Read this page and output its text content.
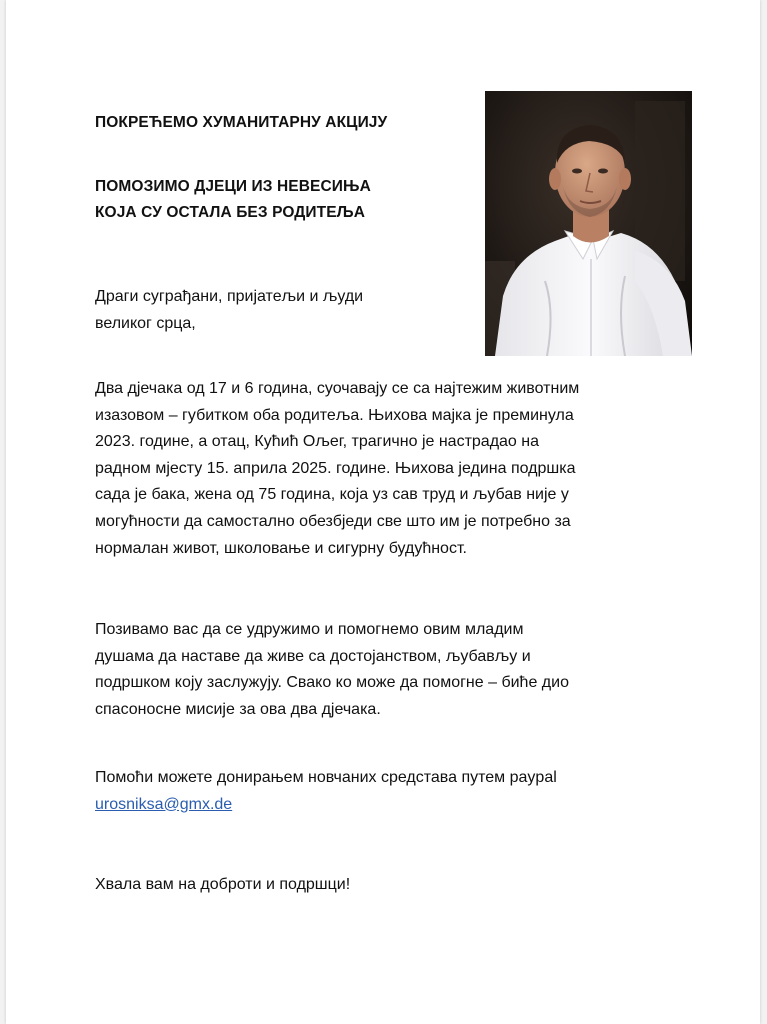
ПОКРЕЋЕМО ХУМАНИТАРНУ АКЦИЈУ
ПОМОЗИМО ДЈЕЦИ ИЗ НЕВЕСИЊА
КОЈА СУ ОСТАЛА БЕЗ РОДИТЕЉА
Драги суграђани, пријатељи и људи
великог срца,
Два дјечака од 17 и 6 година, суочавају се са најтежим животним
изазовом – губитком оба родитеља. Њихова мајка је преминула
2023. године, а отац, Кућић Ољег, трагично је настрадао на
радном мјесту 15. априла 2025. године. Њихова једина подршка
сада је бака, жена од 75 година, која уз сав труд и љубав није у
могућности да самостално обезбједи све што им је потребно за
нормалан живот, школовање и сигурну будућност.
Позивамо вас да се удружимо и помогнемо овим младим
душама да наставе да живе са достојанством, љубављу и
подршком коју заслужују. Свако ко може да помогне – биће дио
спасоносне мисије за ова два дјечака.
Помоћи можете донирањем новчаних средстава путем paypal
urosniksa@gmx.de
Хвала вам на доброти и подршци!
